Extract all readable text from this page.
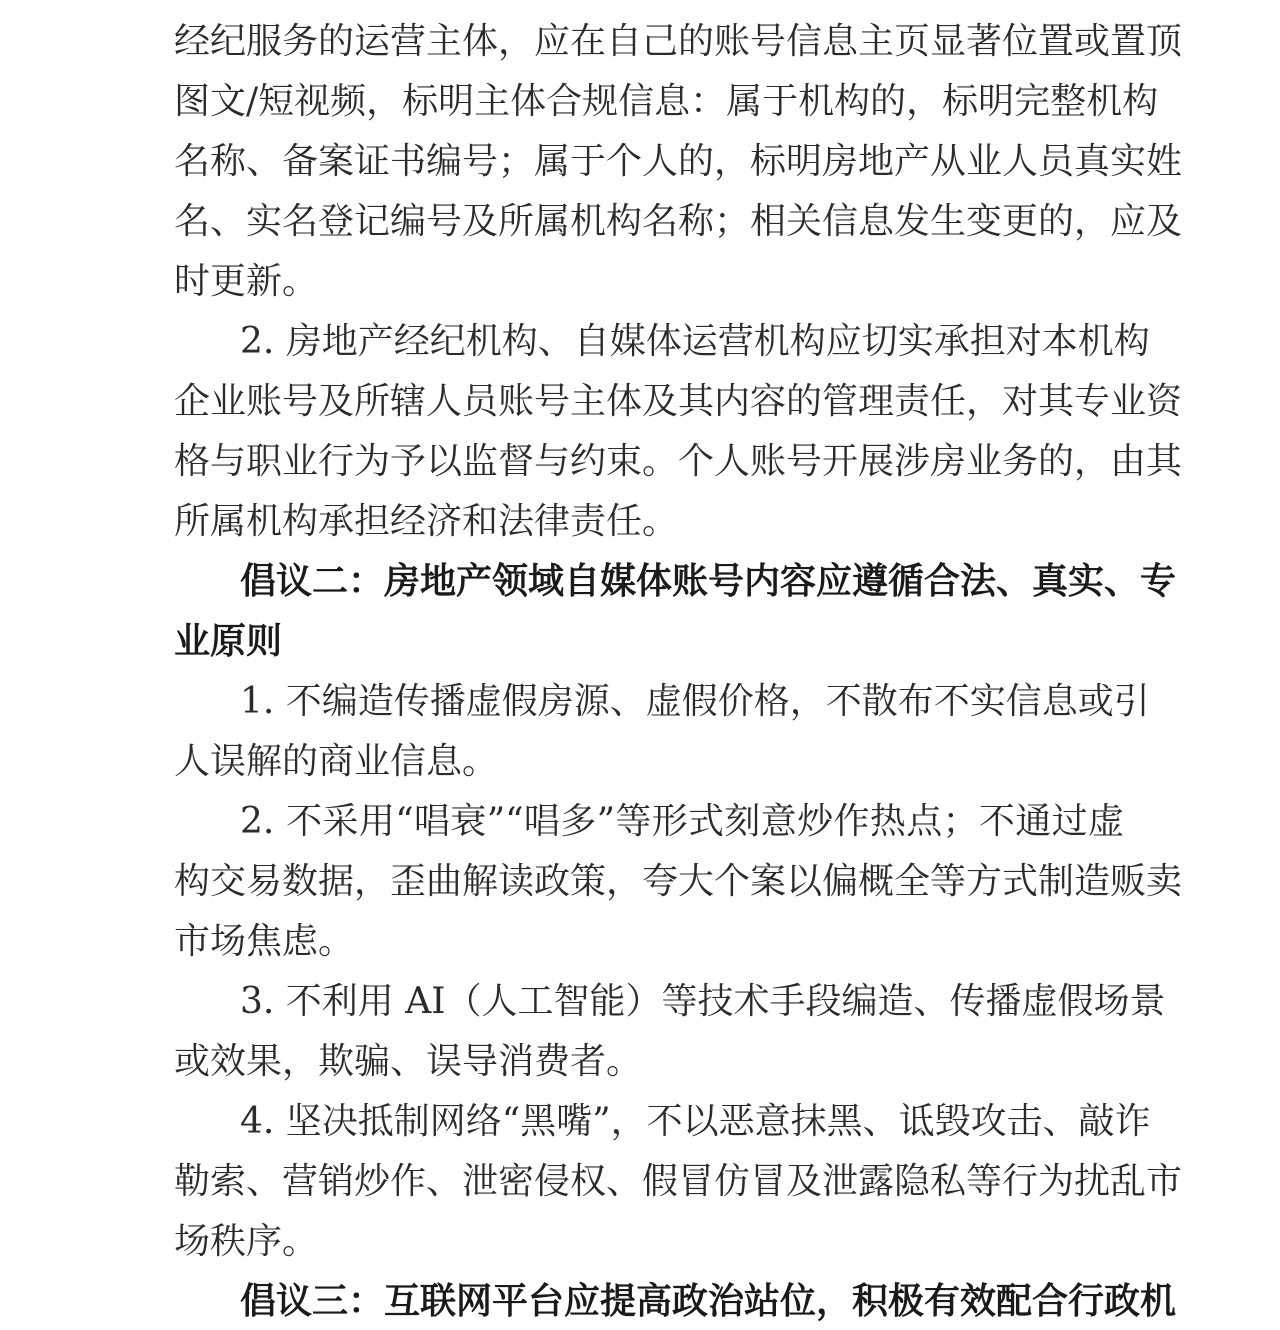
经纪服务的运营主体，应在自己的账号信息主页显著位置或置顶
图文/短视频，标明主体合规信息：属于机构的，标明完整机构
名称、备案证书编号；属于个人的，标明房地产从业人员真实姓
名、实名登记编号及所属机构名称；相关信息发生变更的，应及
时更新。
2. 房地产经纪机构、自媒体运营机构应切实承担对本机构
企业账号及所辖人员账号主体及其内容的管理责任，对其专业资
格与职业行为予以监督与约束。个人账号开展涉房业务的，由其
所属机构承担经济和法律责任。
倡议二：房地产领域自媒体账号内容应遵循合法、真实、专
业原则
1. 不编造传播虚假房源、虚假价格，不散布不实信息或引
人误解的商业信息。
2. 不采用“唱衰”“唱多”等形式刻意炒作热点；不通过虚
构交易数据，歪曲解读政策，夸大个案以偏概全等方式制造贩卖
市场焦虑。
3. 不利用 AI（人工智能）等技术手段编造、传播虚假场景
或效果，欺骗、误导消费者。
4. 坚决抵制网络“黑嘴”，不以恶意抹黑、诋毁攻击、敲诈
勒索、营销炒作、泄密侵权、假冒仿冒及泄露隐私等行为扰乱市
场秩序。
倡议三：互联网平台应提高政治站位，积极有效配合行政机
